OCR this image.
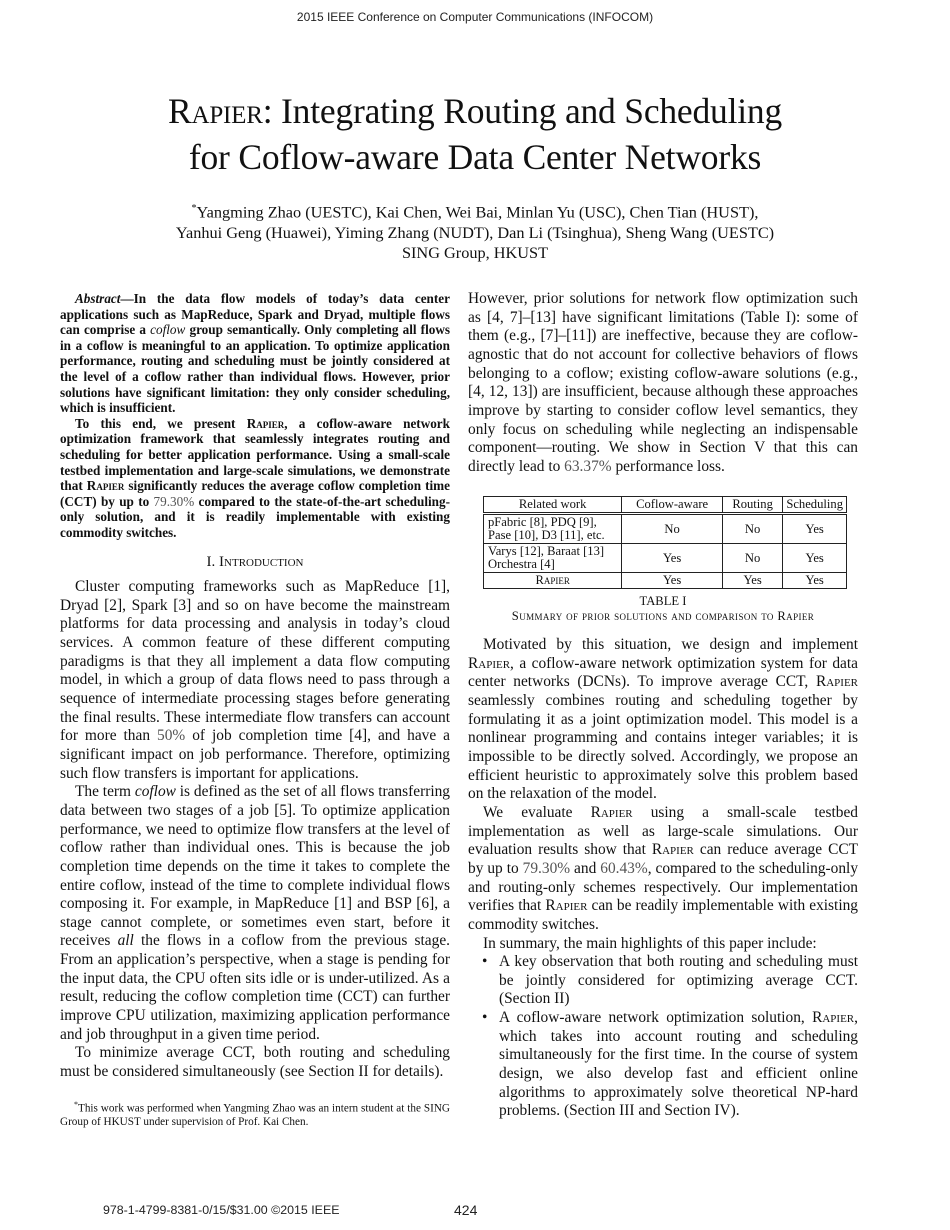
2015 IEEE Conference on Computer Communications (INFOCOM)
Rapier: Integrating Routing and Scheduling
for Coflow-aware Data Center Networks
*Yangming Zhao (UESTC), Kai Chen, Wei Bai, Minlan Yu (USC), Chen Tian (HUST),
Yanhui Geng (Huawei), Yiming Zhang (NUDT), Dan Li (Tsinghua), Sheng Wang (UESTC)
SING Group, HKUST

Abstract—In the data flow models of today’s data center applications such as MapReduce, Spark and Dryad, multiple flows can comprise a coflow group semantically. Only completing all flows in a coflow is meaningful to an application. To optimize application performance, routing and scheduling must be jointly considered at the level of a coflow rather than individual flows. However, prior solutions have significant limitation: they only consider scheduling, which is insufficient.

To this end, we present Rapier, a coflow-aware network optimization framework that seamlessly integrates routing and scheduling for better application performance. Using a small-scale testbed implementation and large-scale simulations, we demonstrate that Rapier significantly reduces the average coflow completion time (CCT) by up to 79.30% compared to the state-of-the-art scheduling-only solution, and it is readily implementable with existing commodity switches.

I. Introduction

Cluster computing frameworks such as MapReduce [1], Dryad [2], Spark [3] and so on have become the mainstream platforms for data processing and analysis in today’s cloud services. A common feature of these different computing paradigms is that they all implement a data flow computing model, in which a group of data flows need to pass through a sequence of intermediate processing stages before generating the final results. These intermediate flow transfers can account for more than 50% of job completion time [4], and have a significant impact on job performance. Therefore, optimizing such flow transfers is important for applications.

The term coflow is defined as the set of all flows transferring data between two stages of a job [5]. To optimize application performance, we need to optimize flow transfers at the level of coflow rather than individual ones. This is because the job completion time depends on the time it takes to complete the entire coflow, instead of the time to complete individual flows composing it. For example, in MapReduce [1] and BSP [6], a stage cannot complete, or sometimes even start, before it receives all the flows in a coflow from the previous stage. From an application’s perspective, when a stage is pending for the input data, the CPU often sits idle or is under-utilized. As a result, reducing the coflow completion time (CCT) can further improve CPU utilization, maximizing application performance and job throughput in a given time period.

To minimize average CCT, both routing and scheduling must be considered simultaneously (see Section II for details).

*This work was performed when Yangming Zhao was an intern student at the SING Group of HKUST under supervision of Prof. Kai Chen.

However, prior solutions for network flow optimization such as [4, 7]–[13] have significant limitations (Table I): some of them (e.g., [7]–[11]) are ineffective, because they are coflow-agnostic that do not account for collective behaviors of flows belonging to a coflow; existing coflow-aware solutions (e.g., [4, 12, 13]) are insufficient, because although these approaches improve by starting to consider coflow level semantics, they only focus on scheduling while neglecting an indispensable component—routing. We show in Section V that this can directly lead to 63.37% performance loss.

Related work	Coflow-aware	Routing	Scheduling

pFabric [8], PDQ [9],
Pase [10], D3 [11], etc.	No	No	Yes

Varys [12], Baraat [13]
Orchestra [4]	Yes	No	Yes
Rapier	Yes	Yes	Yes
TABLE I
Summary of prior solutions and comparison to Rapier

Motivated by this situation, we design and implement Rapier, a coflow-aware network optimization system for data center networks (DCNs). To improve average CCT, Rapier seamlessly combines routing and scheduling together by formulating it as a joint optimization model. This model is a nonlinear programming and contains integer variables; it is impossible to be directly solved. Accordingly, we propose an efficient heuristic to approximately solve this problem based on the relaxation of the model.

We evaluate Rapier using a small-scale testbed implementation as well as large-scale simulations. Our evaluation results show that Rapier can reduce average CCT by up to 79.30% and 60.43%, compared to the scheduling-only and routing-only schemes respectively. Our implementation verifies that Rapier can be readily implementable with existing commodity switches.

In summary, the main highlights of this paper include:

• A key observation that both routing and scheduling must be jointly considered for optimizing average CCT. (Section II)
• A coflow-aware network optimization solution, Rapier, which takes into account routing and scheduling simultaneously for the first time. In the course of system design, we also develop fast and efficient online algorithms to approximately solve theoretical NP-hard problems. (Section III and Section IV).
978-1-4799-8381-0/15/$31.00 ©2015 IEEE	424
